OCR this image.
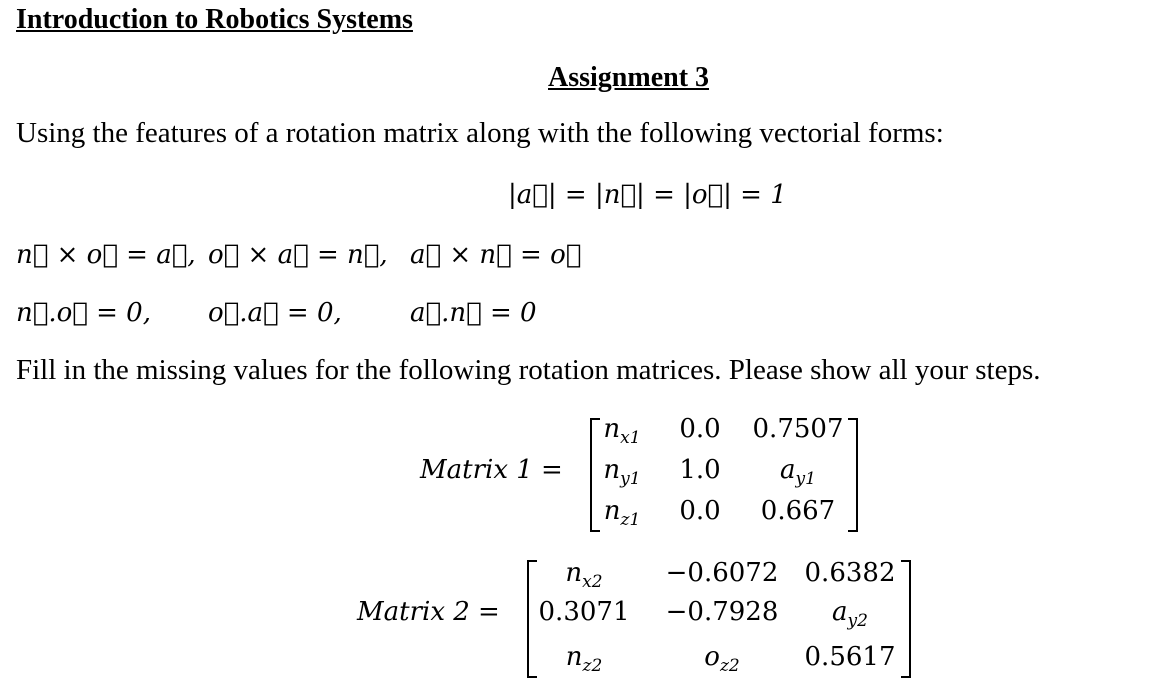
Introduction to Robotics Systems
Assignment 3
Using the features of a rotation matrix along with the following vectorial forms:
|a⃗| = |n⃗| = |o⃗| = 1
n⃗ × o⃗ = a⃗, o⃗ × a⃗ = n⃗, a⃗ × n⃗ = o⃗
n⃗.o⃗ = 0, o⃗.a⃗ = 0,	a⃗.n⃗ = 0
Fill in the missing values for the following rotation matrices. Please show all your steps.
Matrix 1 =
$n_{x1}$ 0.0 0.7507
$n_{y1}$ 1.0 $a_{y1}$
$n_{z1}$ 0.0 0.667
Matrix 2 =
$n_{x2} -0.6072$ 0.6382
0.3071 −0.7928 $a_{y2}$
$n_{z2}$	$o_{z2}$ 0.5617
